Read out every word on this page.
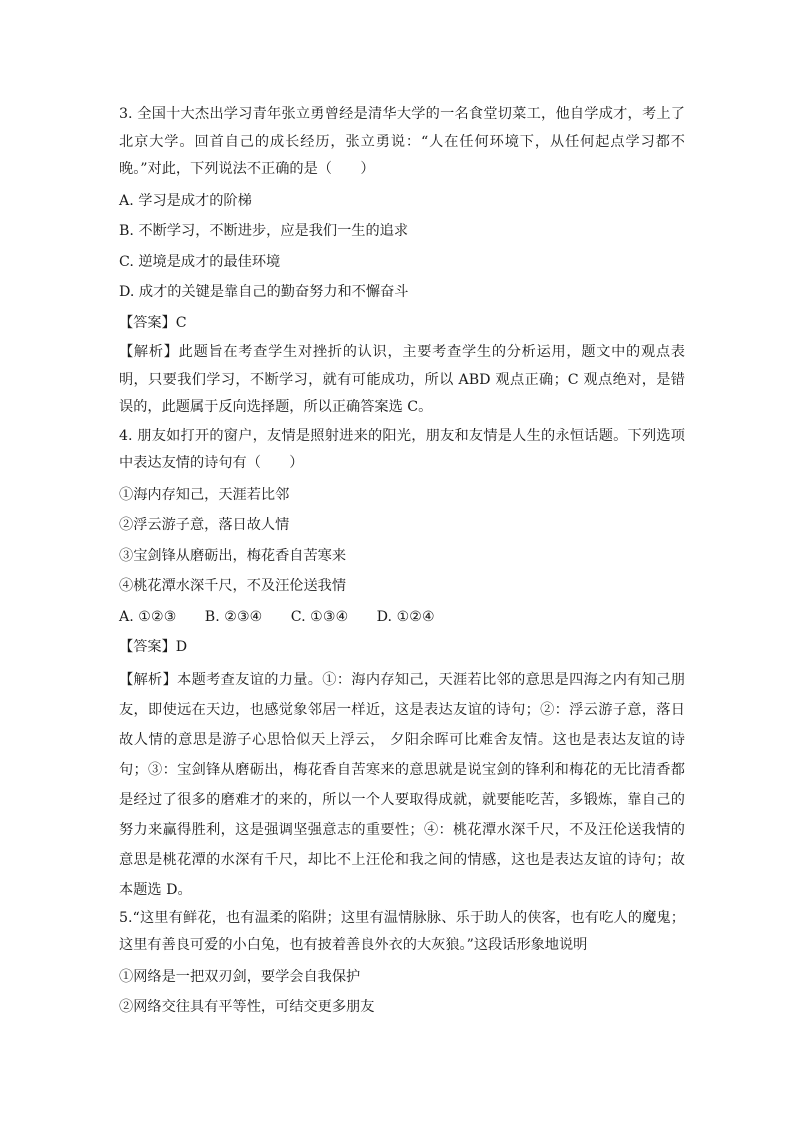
3. 全国十大杰出学习青年张立勇曾经是清华大学的一名食堂切菜工，他自学成才，考上了北京大学。回首自己的成长经历，张立勇说：“人在任何环境下，从任何起点学习都不晚。”对此，下列说法不正确的是（　　）

A. 学习是成才的阶梯

B. 不断学习，不断进步，应是我们一生的追求

C. 逆境是成才的最佳环境

D. 成才的关键是靠自己的勤奋努力和不懈奋斗

【答案】C

【解析】此题旨在考查学生对挫折的认识，主要考查学生的分析运用，题文中的观点表明，只要我们学习，不断学习，就有可能成功，所以 ABD 观点正确；C 观点绝对，是错误的，此题属于反向选择题，所以正确答案选 C。

4. 朋友如打开的窗户，友情是照射进来的阳光，朋友和友情是人生的永恒话题。下列选项中表达友情的诗句有（　　）

①海内存知己，天涯若比邻

②浮云游子意，落日故人情

③宝剑锋从磨砺出，梅花香自苦寒来

④桃花潭水深千尺，不及汪伦送我情

A. ①②③　　B. ②③④　　C. ①③④　　D. ①②④

【答案】D

【解析】本题考查友谊的力量。①：海内存知己，天涯若比邻的意思是四海之内有知己朋友，即使远在天边，也感觉象邻居一样近，这是表达友谊的诗句；②：浮云游子意，落日故人情的意思是游子心思恰似天上浮云， 夕阳余晖可比难舍友情。这也是表达友谊的诗句；③：宝剑锋从磨砺出，梅花香自苦寒来的意思就是说宝剑的锋利和梅花的无比清香都是经过了很多的磨难才的来的，所以一个人要取得成就，就要能吃苦，多锻炼，靠自己的努力来赢得胜利，这是强调坚强意志的重要性；④：桃花潭水深千尺，不及汪伦送我情的意思是桃花潭的水深有千尺，却比不上汪伦和我之间的情感，这也是表达友谊的诗句；故本题选 D。

5.“这里有鲜花，也有温柔的陷阱；这里有温情脉脉、乐于助人的侠客，也有吃人的魔鬼；这里有善良可爱的小白兔，也有披着善良外衣的大灰狼。”这段话形象地说明

①网络是一把双刃剑，要学会自我保护

②网络交往具有平等性，可结交更多朋友
